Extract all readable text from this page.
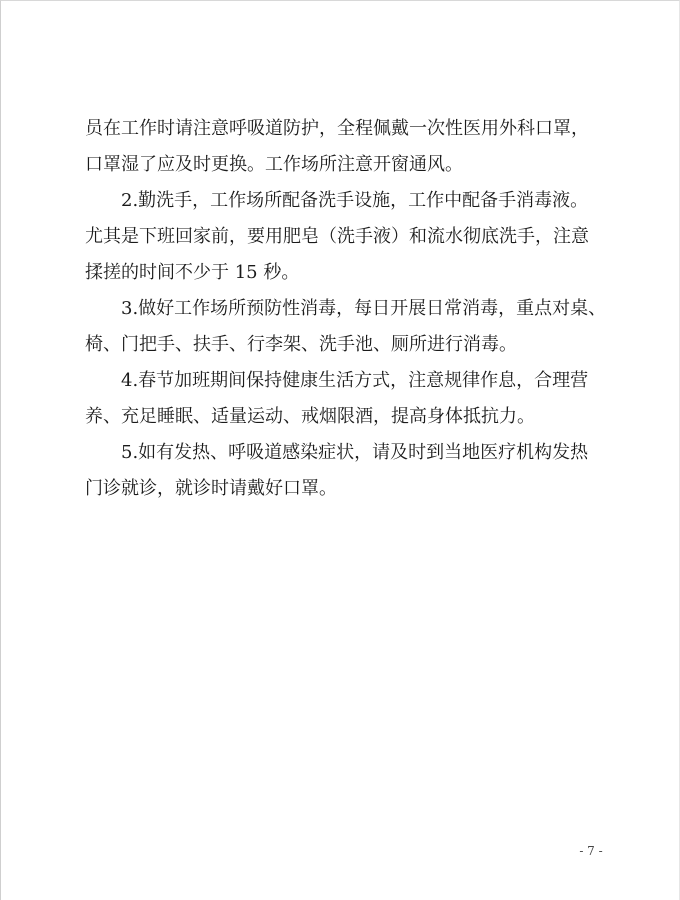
员在工作时请注意呼吸道防护，全程佩戴一次性医用外科口罩，
口罩湿了应及时更换。工作场所注意开窗通风。
　　2.勤洗手，工作场所配备洗手设施，工作中配备手消毒液。
尤其是下班回家前，要用肥皂（洗手液）和流水彻底洗手，注意
揉搓的时间不少于 15 秒。
　　3.做好工作场所预防性消毒，每日开展日常消毒，重点对桌、
椅、门把手、扶手、行李架、洗手池、厕所进行消毒。
　　4.春节加班期间保持健康生活方式，注意规律作息，合理营
养、充足睡眠、适量运动、戒烟限酒，提高身体抵抗力。
　　5.如有发热、呼吸道感染症状，请及时到当地医疗机构发热
门诊就诊，就诊时请戴好口罩。
- 7 -
